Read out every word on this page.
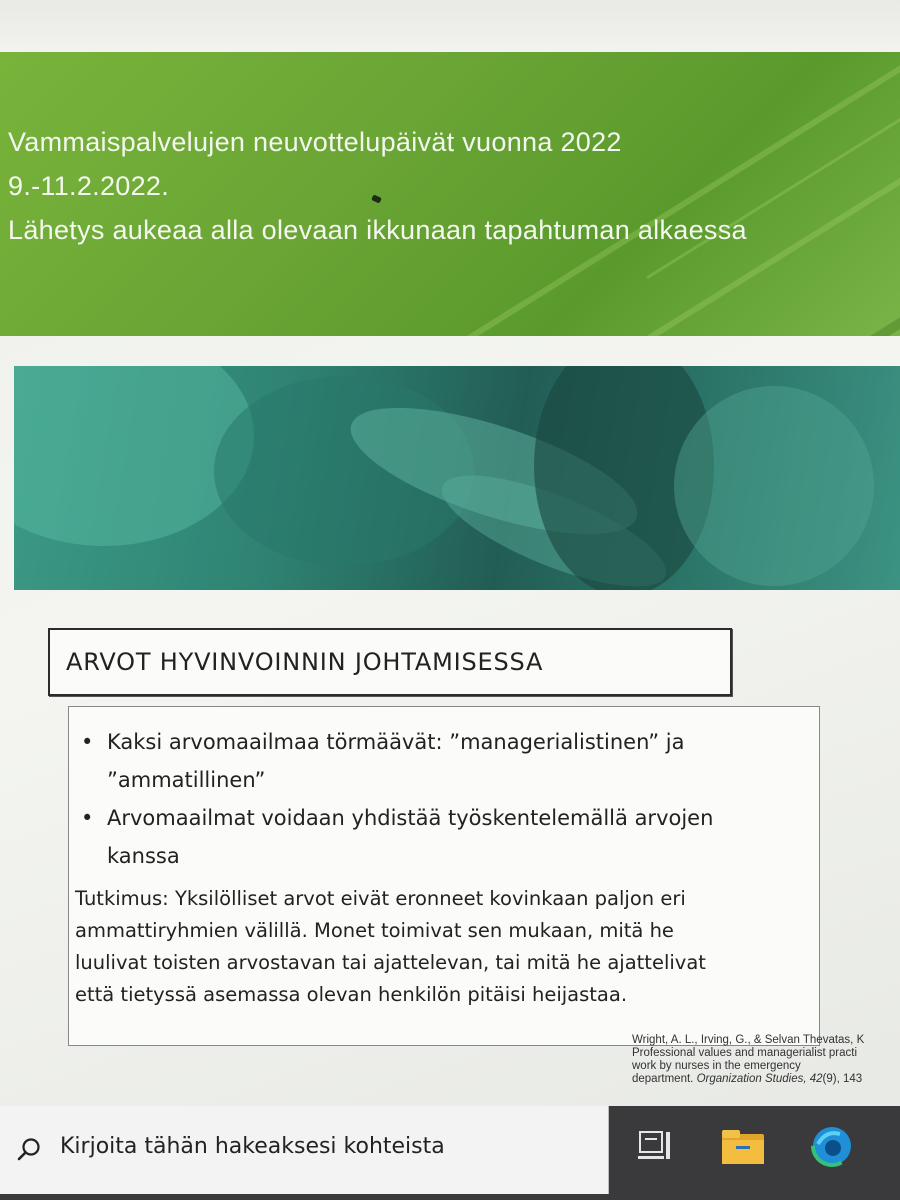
Vammaispalvelujen neuvottelupäivät vuonna 2022
9.-11.2.2022.
Lähetys aukeaa alla olevaan ikkunaan tapahtuman alkaessa
ARVOT HYVINVOINNIN JOHTAMISESSA
• Kaksi arvomaailmaa törmäävät: ”managerialistinen” ja
”ammatillinen”
• Arvomaailmat voidaan yhdistää työskentelemällä arvojen
kanssa
Tutkimus: Yksilölliset arvot eivät eronneet kovinkaan paljon eri
ammattiryhmien välillä. Monet toimivat sen mukaan, mitä he
luulivat toisten arvostavan tai ajattelevan, tai mitä he ajattelivat
että tietyssä asemassa olevan henkilön pitäisi heijastaa.
Wright, A. L., Irving, G., & Selvan Thevatas, K
Professional values and managerialist practi
work by nurses in the emergency
department. Organization Studies, 42(9), 143
Kirjoita tähän hakeaksesi kohteista
